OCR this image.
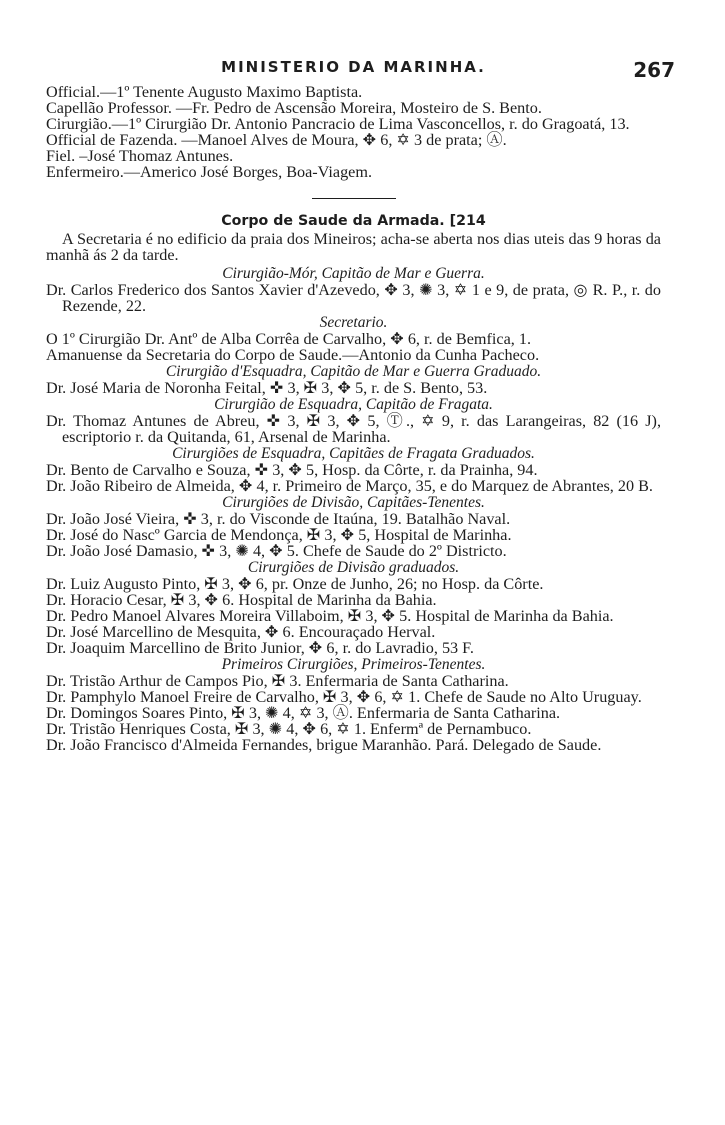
MINISTERIO DA MARINHA.	267

Official.—1º Tenente Augusto Maximo Baptista.

Capellão Professor. —Fr. Pedro de Ascensão Moreira, Mosteiro de S. Bento.

Cirurgião.—1º Cirurgião Dr. Antonio Pancracio de Lima Vasconcellos, r. do Gragoatá, 13.

Official de Fazenda. —Manoel Alves de Moura, ✥ 6, ✡ 3 de prata; Ⓐ.

Fiel. –José Thomaz Antunes.

Enfermeiro.—Americo José Borges, Boa-Viagem.

Corpo de Saude da Armada. [214

A Secretaria é no edificio da praia dos Mineiros; acha-se aberta nos dias uteis das 9 horas da manhã ás 2 da tarde.

Cirurgião-Mór, Capitão de Mar e Guerra.

Dr. Carlos Frederico dos Santos Xavier d'Azevedo, ✥ 3, ✺ 3, ✡ 1 e 9, de prata, ◎ R. P., r. do Rezende, 22.

Secretario.

O 1º Cirurgião Dr. Antº de Alba Corrêa de Carvalho, ✥ 6, r. de Bemfica, 1.

Amanuense da Secretaria do Corpo de Saude.—Antonio da Cunha Pacheco.

Cirurgião d'Esquadra, Capitão de Mar e Guerra Graduado.

Dr. José Maria de Noronha Feital, ✜ 3, ✠ 3, ✥ 5, r. de S. Bento, 53.

Cirurgião de Esquadra, Capitão de Fragata.

Dr. Thomaz Antunes de Abreu, ✜ 3, ✠ 3, ✥ 5, Ⓣ., ✡ 9, r. das Larangeiras, 82 (16 J), escriptorio r. da Quitanda, 61, Arsenal de Marinha.

Cirurgiões de Esquadra, Capitães de Fragata Graduados.

Dr. Bento de Carvalho e Souza, ✜ 3, ✥ 5, Hosp. da Côrte, r. da Prainha, 94.

Dr. João Ribeiro de Almeida, ✥ 4, r. Primeiro de Março, 35, e do Marquez de Abrantes, 20 B.

Cirurgiões de Divisão, Capitães-Tenentes.

Dr. João José Vieira, ✜ 3, r. do Visconde de Itaúna, 19. Batalhão Naval.

Dr. José do Nascº Garcia de Mendonça, ✠ 3, ✥ 5, Hospital de Marinha.

Dr. João José Damasio, ✜ 3, ✺ 4, ✥ 5. Chefe de Saude do 2º Districto.

Cirurgiões de Divisão graduados.

Dr. Luiz Augusto Pinto, ✠ 3, ✥ 6, pr. Onze de Junho, 26; no Hosp. da Côrte.

Dr. Horacio Cesar, ✠ 3, ✥ 6. Hospital de Marinha da Bahia.

Dr. Pedro Manoel Alvares Moreira Villaboim, ✠ 3, ✥ 5. Hospital de Marinha da Bahia.

Dr. José Marcellino de Mesquita, ✥ 6. Encouraçado Herval.

Dr. Joaquim Marcellino de Brito Junior, ✥ 6, r. do Lavradio, 53 F.

Primeiros Cirurgiões, Primeiros-Tenentes.

Dr. Tristão Arthur de Campos Pio, ✠ 3. Enfermaria de Santa Catharina.

Dr. Pamphylo Manoel Freire de Carvalho, ✠ 3, ✥ 6, ✡ 1. Chefe de Saude no Alto Uruguay.

Dr. Domingos Soares Pinto, ✠ 3, ✺ 4, ✡ 3, Ⓐ. Enfermaria de Santa Catharina.

Dr. Tristão Henriques Costa, ✠ 3, ✺ 4, ✥ 6, ✡ 1. Enfermª de Pernambuco.

Dr. João Francisco d'Almeida Fernandes, brigue Maranhão. Pará. Delegado de Saude.
